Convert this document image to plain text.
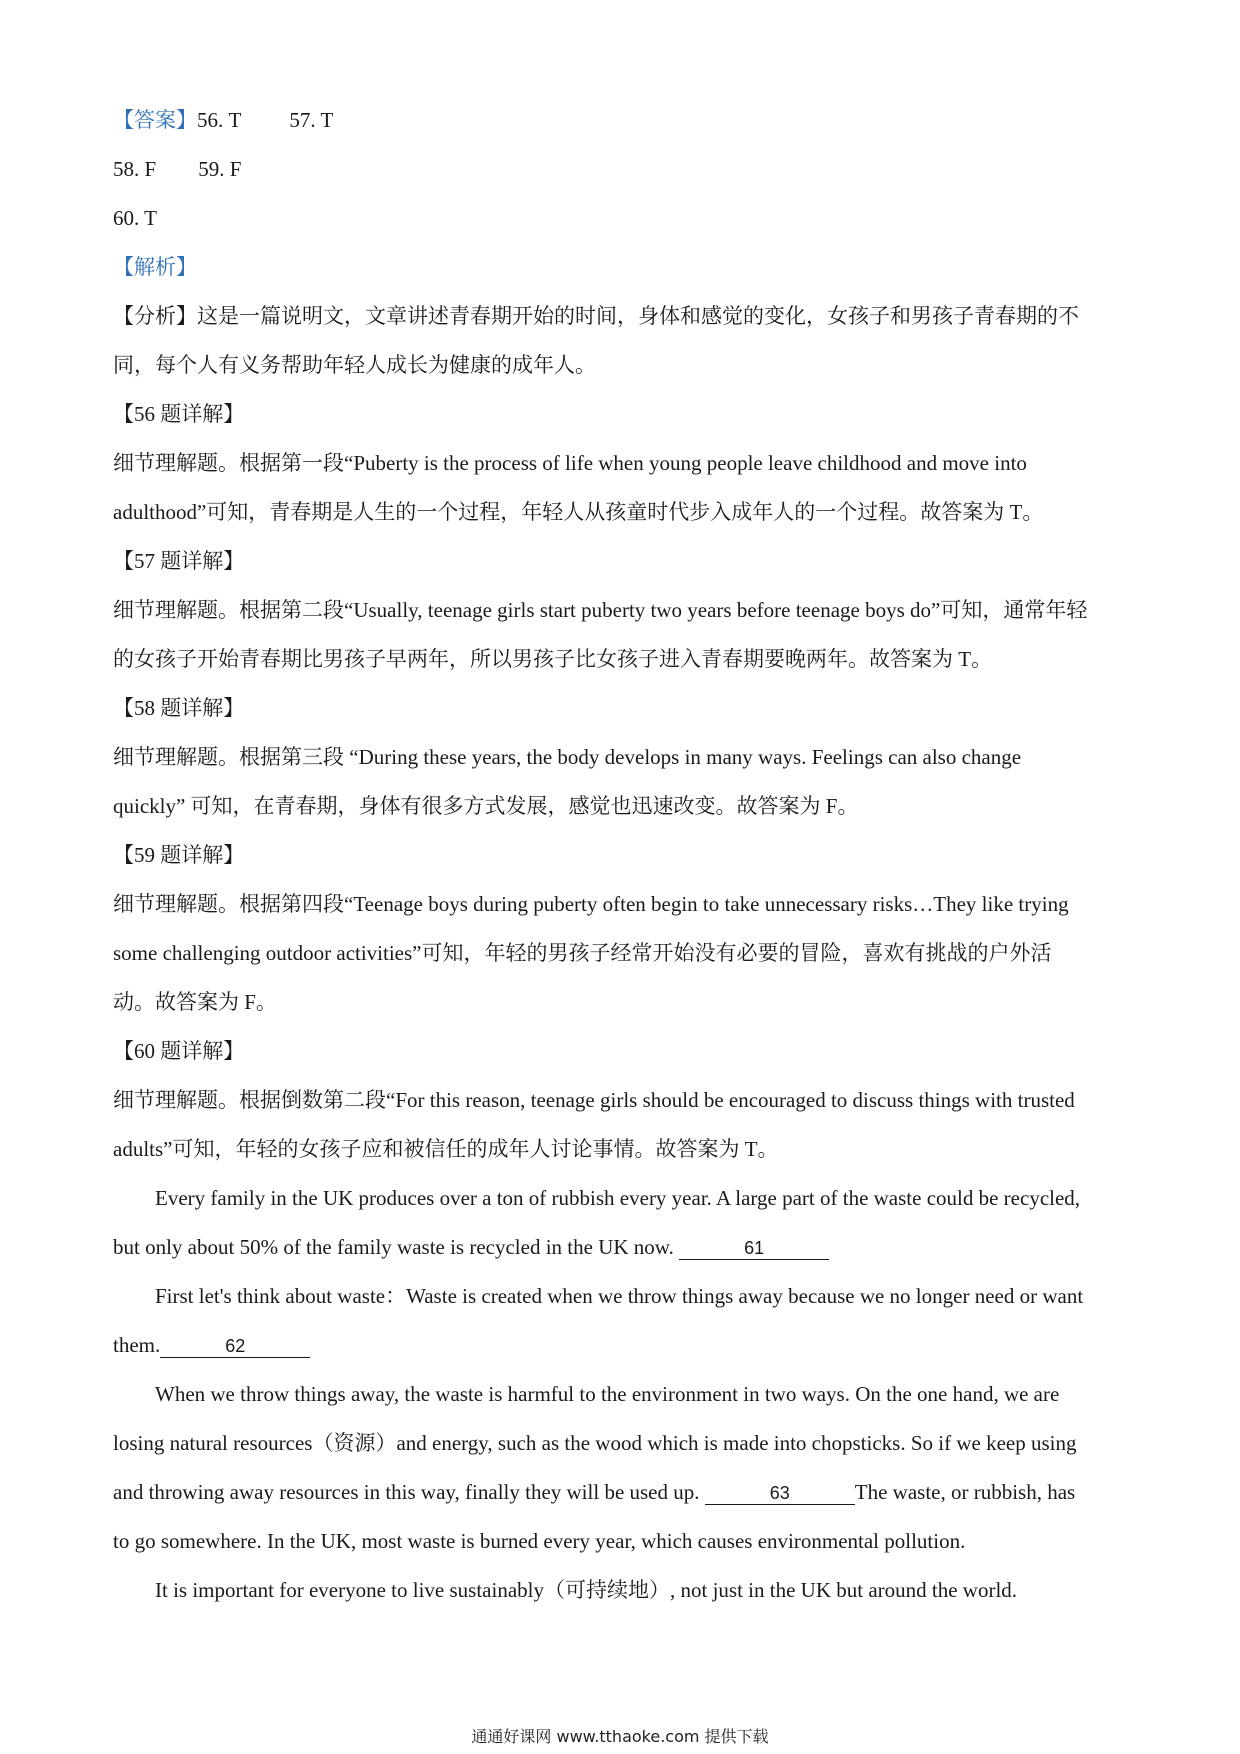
【答案】56. T 57. T
58. F 59. F
60. T
【解析】
【分析】这是一篇说明文，文章讲述青春期开始的时间，身体和感觉的变化，女孩子和男孩子青春期的不
同，每个人有义务帮助年轻人成长为健康的成年人。
【56 题详解】
细节理解题。根据第一段“Puberty is the process of life when young people leave childhood and move into
adulthood”可知，青春期是人生的一个过程，年轻人从孩童时代步入成年人的一个过程。故答案为 T。
【57 题详解】
细节理解题。根据第二段“Usually, teenage girls start puberty two years before teenage boys do”可知，通常年轻
的女孩子开始青春期比男孩子早两年，所以男孩子比女孩子进入青春期要晚两年。故答案为 T。
【58 题详解】
细节理解题。根据第三段 “During these years, the body develops in many ways. Feelings can also change
quickly” 可知，在青春期，身体有很多方式发展，感觉也迅速改变。故答案为 F。
【59 题详解】
细节理解题。根据第四段“Teenage boys during puberty often begin to take unnecessary risks…They like trying
some challenging outdoor activities”可知，年轻的男孩子经常开始没有必要的冒险，喜欢有挑战的户外活
动。故答案为 F。
【60 题详解】
细节理解题。根据倒数第二段“For this reason, teenage girls should be encouraged to discuss things with trusted
adults”可知，年轻的女孩子应和被信任的成年人讨论事情。故答案为 T。
Every family in the UK produces over a ton of rubbish every year. A large part of the waste could be recycled,
but only about 50% of the family waste is recycled in the UK now.	61
First let's think about waste：Waste is created when we throw things away because we no longer need or want
them.	62
When we throw things away, the waste is harmful to the environment in two ways. On the one hand, we are
losing natural resources（资源）and energy, such as the wood which is made into chopsticks. So if we keep using
and throwing away resources in this way, finally they will be used up.	63	The waste, or rubbish, has
to go somewhere. In the UK, most waste is burned every year, which causes environmental pollution.
It is important for everyone to live sustainably（可持续地）, not just in the UK but around the world.
通通好课网 www.tthaoke.com 提供下载
